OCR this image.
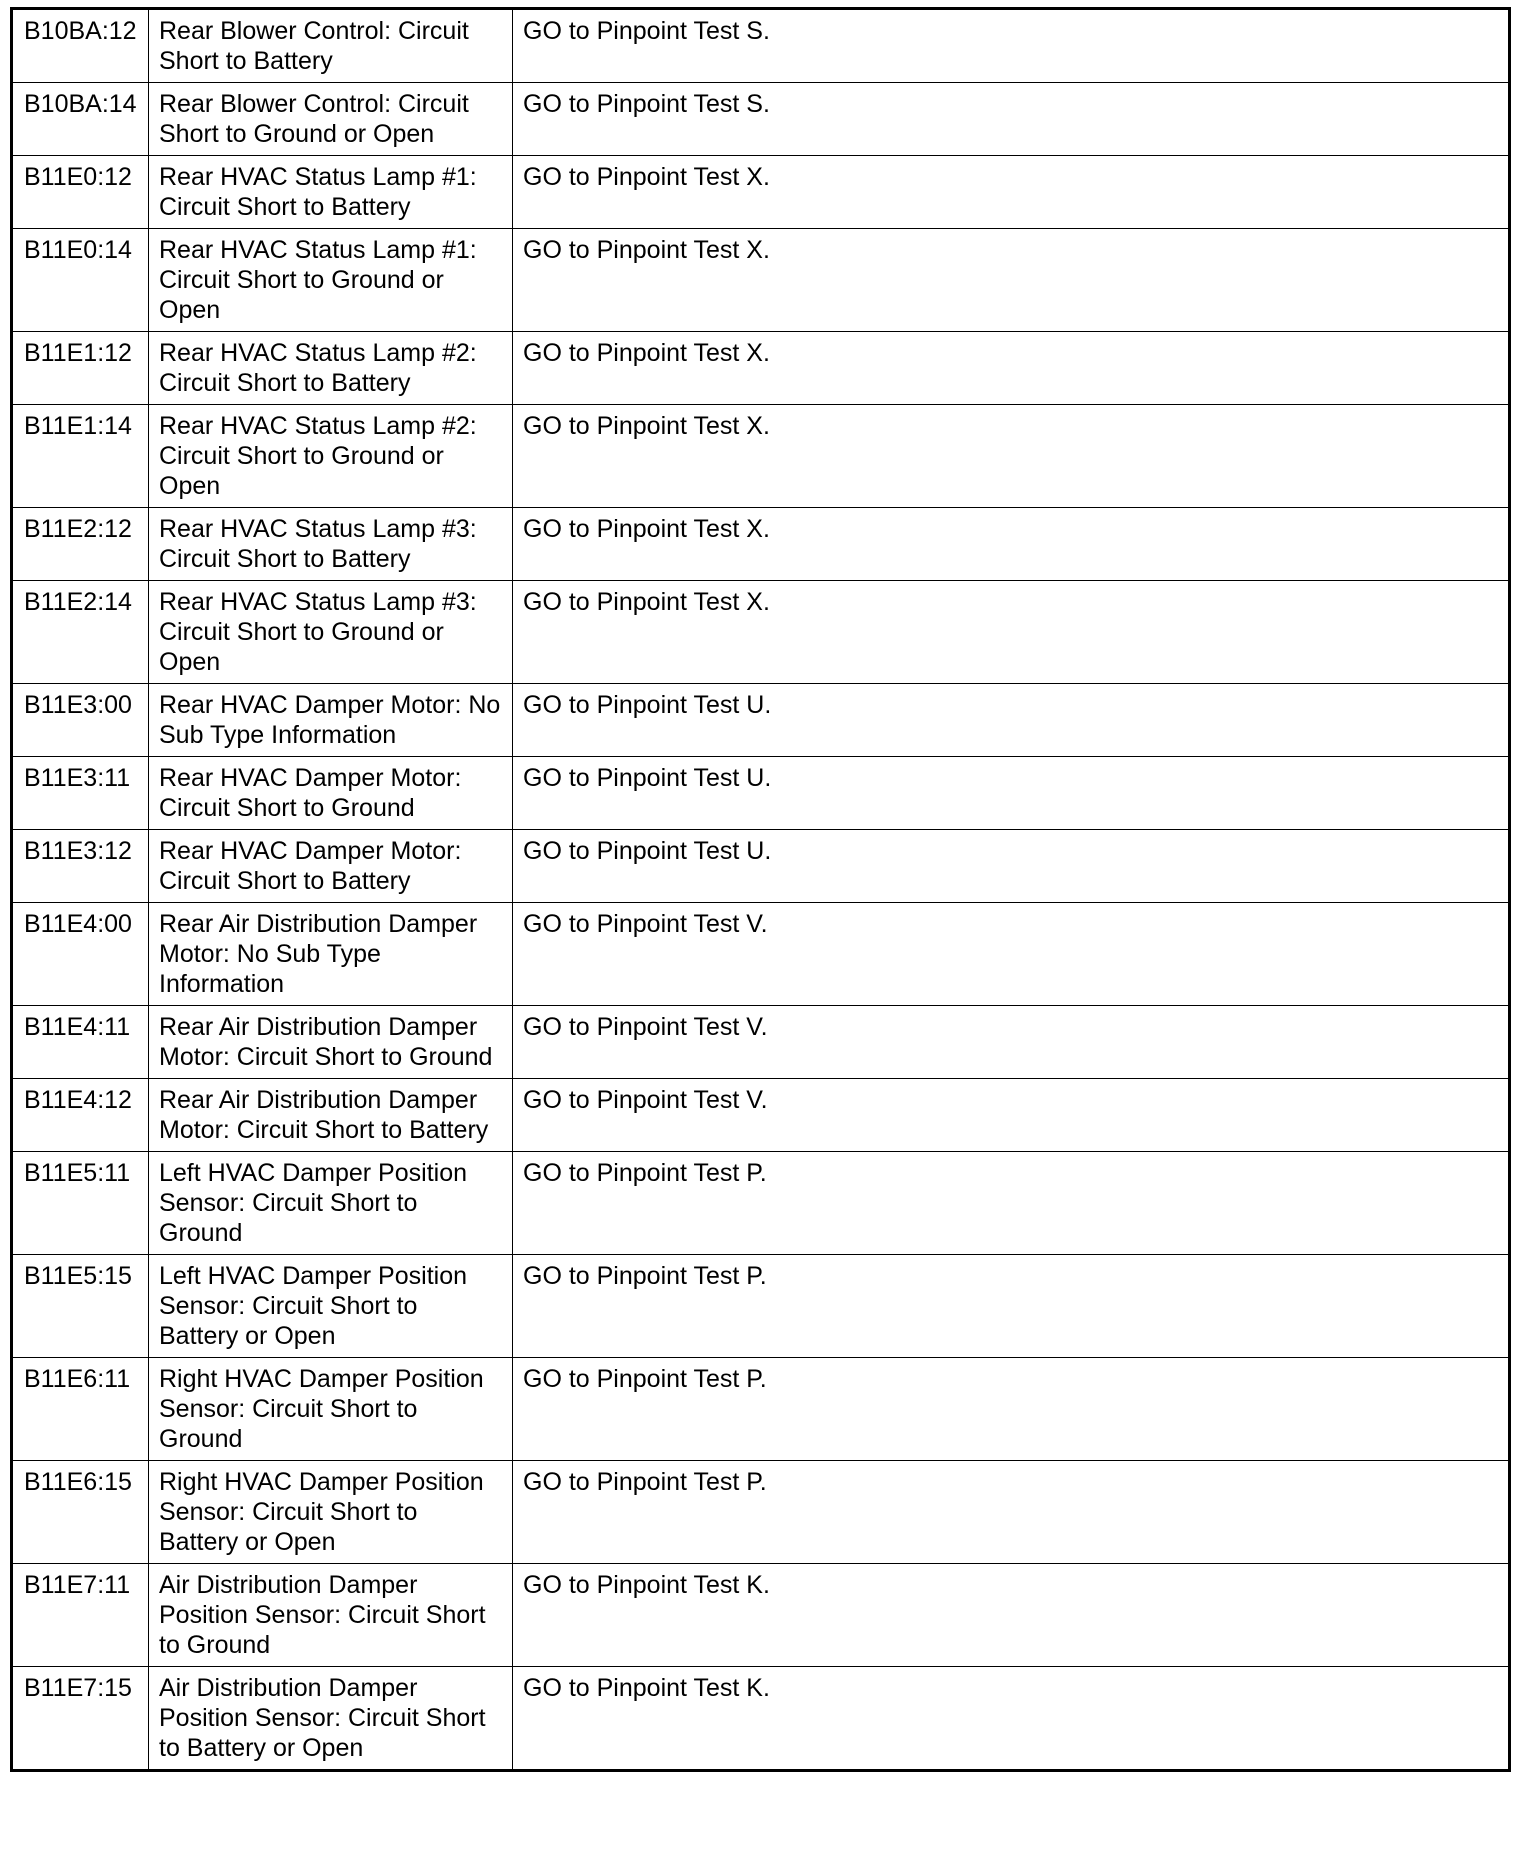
B10BA:12	Rear Blower Control: Circuit Short to Battery	GO to Pinpoint Test S.
B10BA:14	Rear Blower Control: Circuit Short to Ground or Open	GO to Pinpoint Test S.
B11E0:12	Rear HVAC Status Lamp #1: Circuit Short to Battery	GO to Pinpoint Test X.
B11E0:14	Rear HVAC Status Lamp #1: Circuit Short to Ground or Open	GO to Pinpoint Test X.
B11E1:12	Rear HVAC Status Lamp #2: Circuit Short to Battery	GO to Pinpoint Test X.
B11E1:14	Rear HVAC Status Lamp #2: Circuit Short to Ground or Open	GO to Pinpoint Test X.
B11E2:12	Rear HVAC Status Lamp #3: Circuit Short to Battery	GO to Pinpoint Test X.
B11E2:14	Rear HVAC Status Lamp #3: Circuit Short to Ground or Open	GO to Pinpoint Test X.
B11E3:00	Rear HVAC Damper Motor: No Sub Type Information	GO to Pinpoint Test U.
B11E3:11	Rear HVAC Damper Motor: Circuit Short to Ground	GO to Pinpoint Test U.
B11E3:12	Rear HVAC Damper Motor: Circuit Short to Battery	GO to Pinpoint Test U.
B11E4:00	Rear Air Distribution Damper Motor: No Sub Type Information	GO to Pinpoint Test V.
B11E4:11	Rear Air Distribution Damper Motor: Circuit Short to Ground	GO to Pinpoint Test V.
B11E4:12	Rear Air Distribution Damper Motor: Circuit Short to Battery	GO to Pinpoint Test V.
B11E5:11	Left HVAC Damper Position Sensor: Circuit Short to Ground	GO to Pinpoint Test P.
B11E5:15	Left HVAC Damper Position Sensor: Circuit Short to Battery or Open	GO to Pinpoint Test P.
B11E6:11	Right HVAC Damper Position Sensor: Circuit Short to Ground	GO to Pinpoint Test P.
B11E6:15	Right HVAC Damper Position Sensor: Circuit Short to Battery or Open	GO to Pinpoint Test P.
B11E7:11	Air Distribution Damper Position Sensor: Circuit Short to Ground	GO to Pinpoint Test K.
B11E7:15	Air Distribution Damper Position Sensor: Circuit Short to Battery or Open	GO to Pinpoint Test K.
